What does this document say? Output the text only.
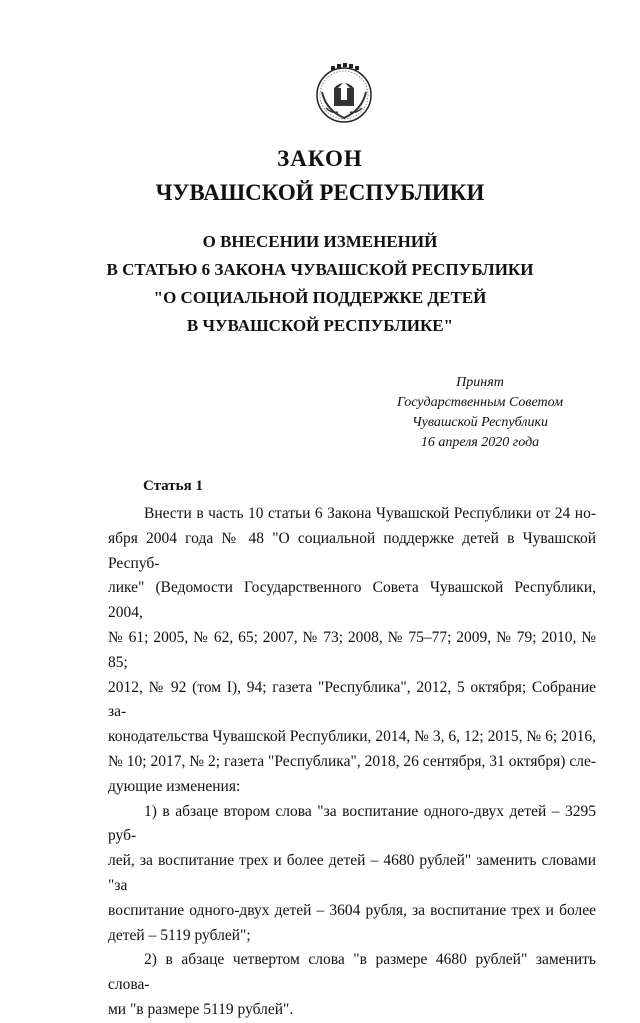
ЗАКОН
ЧУВАШСКОЙ РЕСПУБЛИКИ
О ВНЕСЕНИИ ИЗМЕНЕНИЙ
В СТАТЬЮ 6 ЗАКОНА ЧУВАШСКОЙ РЕСПУБЛИКИ
"О СОЦИАЛЬНОЙ ПОДДЕРЖКЕ ДЕТЕЙ
В ЧУВАШСКОЙ РЕСПУБЛИКЕ"
Принят
Государственным Советом
Чувашской Республики
16 апреля 2020 года
Статья 1

Внести в часть 10 статьи 6 Закона Чувашской Республики от 24 но-

ября 2004 года № 48 "О социальной поддержке детей в Чувашской Респуб-

лике" (Ведомости Государственного Совета Чувашской Республики, 2004,

№ 61; 2005, № 62, 65; 2007, № 73; 2008, № 75–77; 2009, № 79; 2010, № 85;

2012, № 92 (том I), 94; газета "Республика", 2012, 5 октября; Собрание за-

конодательства Чувашской Республики, 2014, № 3, 6, 12; 2015, № 6; 2016,

№ 10; 2017, № 2; газета "Республика", 2018, 26 сентября, 31 октября) сле-

дующие изменения:

1) в абзаце втором слова "за воспитание одного-двух детей – 3295 руб-

лей, за воспитание трех и более детей – 4680 рублей" заменить словами "за

воспитание одного-двух детей – 3604 рубля, за воспитание трех и более

детей – 5119 рублей";

2) в абзаце четвертом слова "в размере 4680 рублей" заменить слова-

ми "в размере 5119 рублей".
